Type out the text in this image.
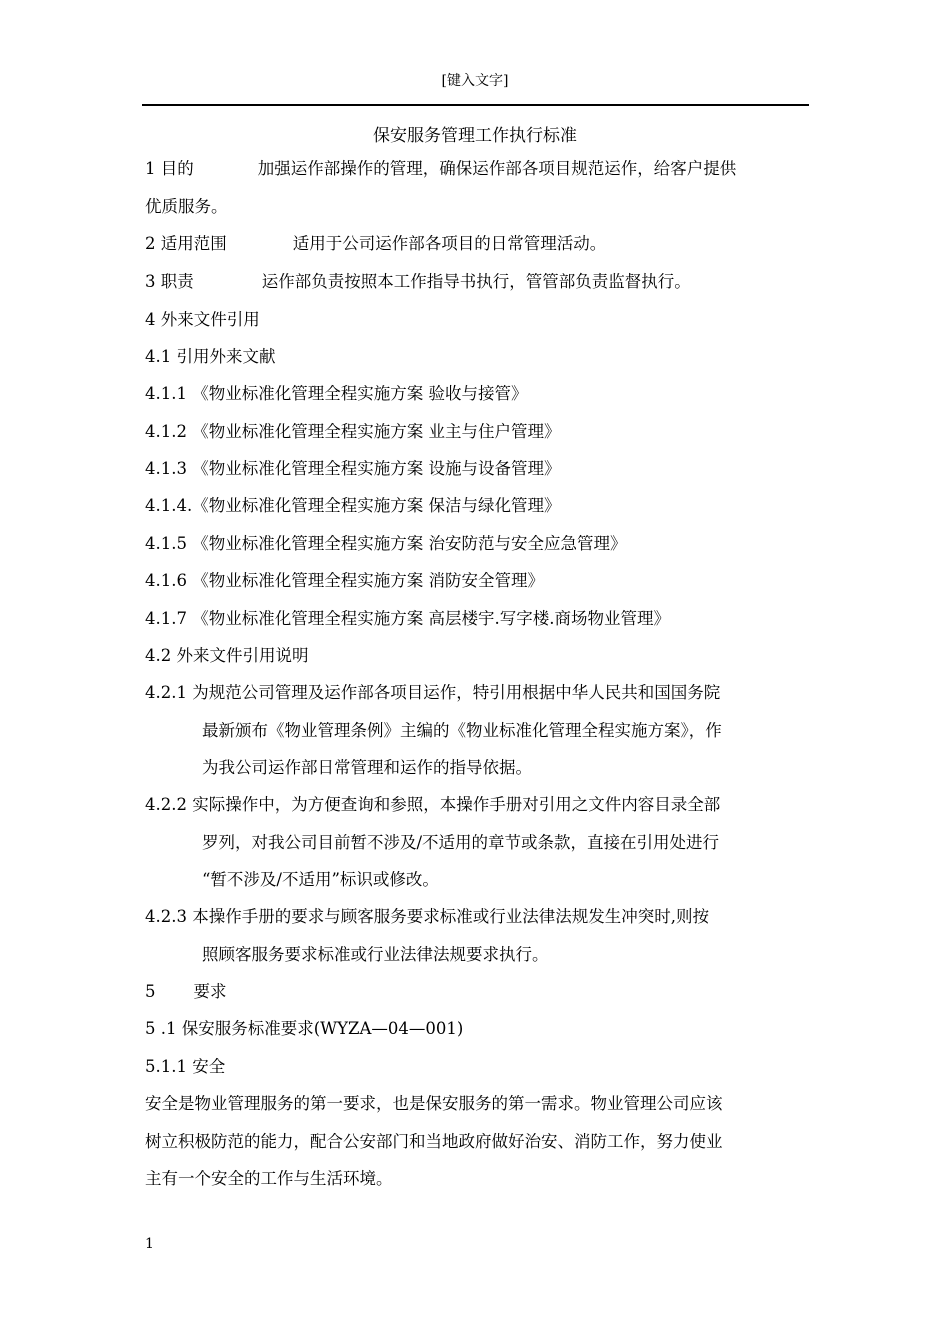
[键入文字]
保安服务管理工作执行标准
1 目的	加强运作部操作的管理，确保运作部各项目规范运作，给客户提供
优质服务。
2 适用范围	适用于公司运作部各项目的日常管理活动。
3 职责	运作部负责按照本工作指导书执行，管管部负责监督执行。
4 外来文件引用
4.1 引用外来文献
4.1.1 《物业标准化管理全程实施方案 验收与接管》
4.1.2 《物业标准化管理全程实施方案 业主与住户管理》
4.1.3 《物业标准化管理全程实施方案 设施与设备管理》
4.1.4.《物业标准化管理全程实施方案 保洁与绿化管理》
4.1.5 《物业标准化管理全程实施方案 治安防范与安全应急管理》
4.1.6 《物业标准化管理全程实施方案 消防安全管理》
4.1.7 《物业标准化管理全程实施方案 高层楼宇.写字楼.商场物业管理》
4.2 外来文件引用说明
4.2.1 为规范公司管理及运作部各项目运作，特引用根据中华人民共和国国务院
最新颁布《物业管理条例》主编的《物业标准化管理全程实施方案》，作
为我公司运作部日常管理和运作的指导依据。
4.2.2 实际操作中，为方便查询和参照，本操作手册对引用之文件内容目录全部
罗列，对我公司目前暂不涉及/不适用的章节或条款，直接在引用处进行
“暂不涉及/不适用”标识或修改。
4.2.3 本操作手册的要求与顾客服务要求标准或行业法律法规发生冲突时,则按
照顾客服务要求标准或行业法律法规要求执行。
5 要求
5 .1 保安服务标准要求(WYZA—04—001)
5.1.1 安全
安全是物业管理服务的第一要求，也是保安服务的第一需求。物业管理公司应该
树立积极防范的能力，配合公安部门和当地政府做好治安、消防工作，努力使业
主有一个安全的工作与生活环境。
1
